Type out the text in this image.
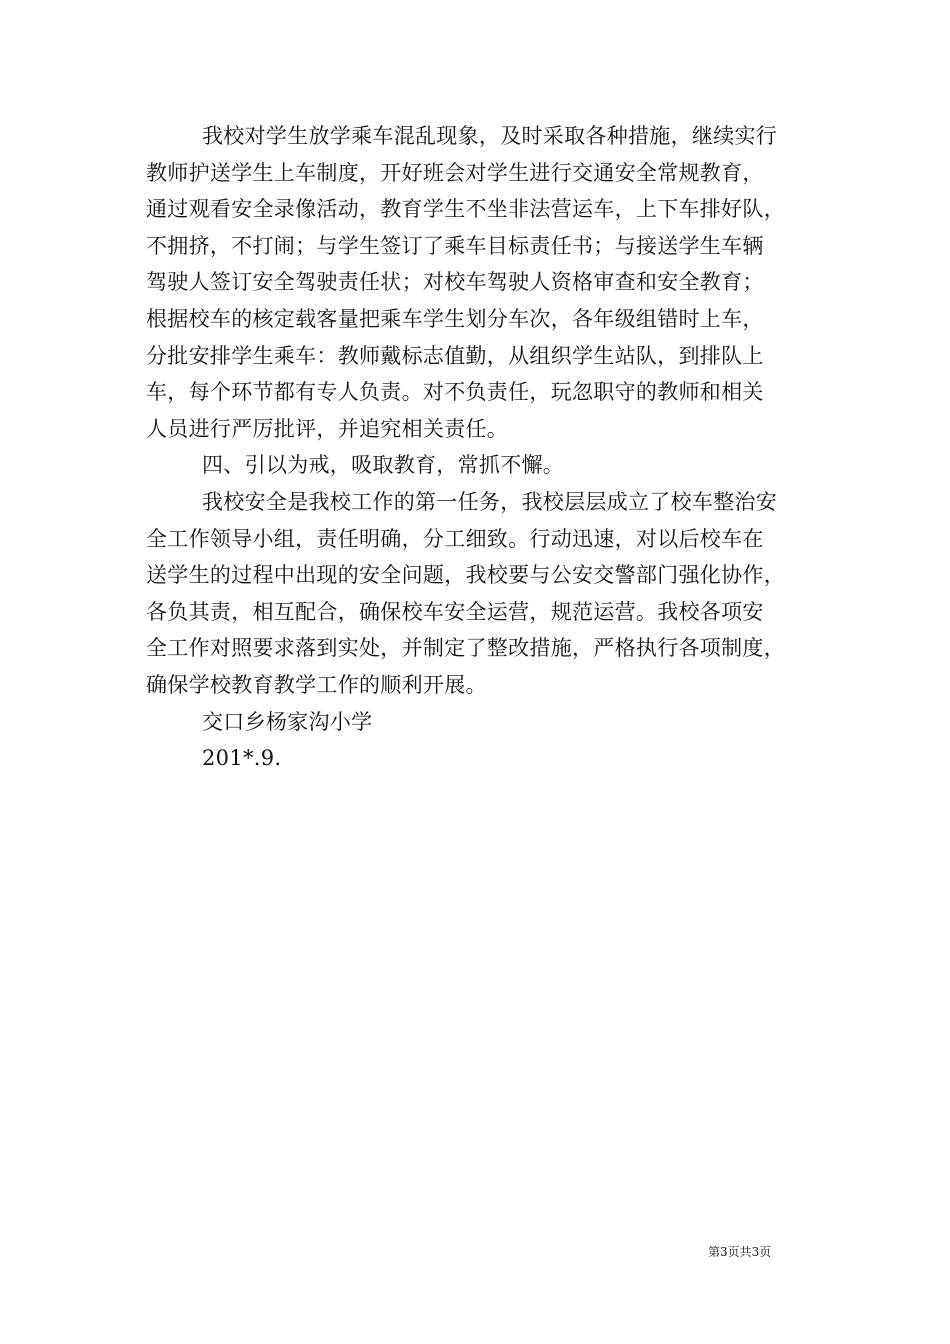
我校对学生放学乘车混乱现象，及时采取各种措施，继续实行
教师护送学生上车制度，开好班会对学生进行交通安全常规教育，
通过观看安全录像活动，教育学生不坐非法营运车，上下车排好队，
不拥挤，不打闹；与学生签订了乘车目标责任书；与接送学生车辆
驾驶人签订安全驾驶责任状；对校车驾驶人资格审查和安全教育；
根据校车的核定载客量把乘车学生划分车次，各年级组错时上车，
分批安排学生乘车：教师戴标志值勤，从组织学生站队，到排队上
车，每个环节都有专人负责。对不负责任，玩忽职守的教师和相关
人员进行严厉批评，并追究相关责任。
四、引以为戒，吸取教育，常抓不懈。
我校安全是我校工作的第一任务，我校层层成立了校车整治安
全工作领导小组，责任明确，分工细致。行动迅速，对以后校车在
送学生的过程中出现的安全问题，我校要与公安交警部门强化协作，
各负其责，相互配合，确保校车安全运营，规范运营。我校各项安
全工作对照要求落到实处，并制定了整改措施，严格执行各项制度，
确保学校教育教学工作的顺利开展。
交口乡杨家沟小学
201*.9.
第3页共3页
